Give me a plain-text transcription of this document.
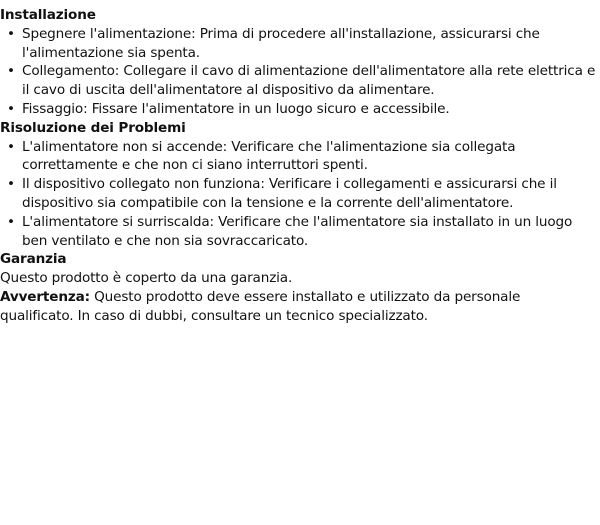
Installazione
• Spegnere l'alimentazione: Prima di procedere all'installazione, assicurarsi che l'alimentazione sia spenta.
• Collegamento: Collegare il cavo di alimentazione dell'alimentatore alla rete elettrica e il cavo di uscita dell'alimentatore al dispositivo da alimentare.
• Fissaggio: Fissare l'alimentatore in un luogo sicuro e accessibile.
Risoluzione dei Problemi
• L'alimentatore non si accende: Verificare che l'alimentazione sia collegata correttamente e che non ci siano interruttori spenti.
• Il dispositivo collegato non funziona: Verificare i collegamenti e assicurarsi che il dispositivo sia compatibile con la tensione e la corrente dell'alimentatore.
• L'alimentatore si surriscalda: Verificare che l'alimentatore sia installato in un luogo ben ventilato e che non sia sovraccaricato.
Garanzia

Questo prodotto è coperto da una garanzia.

Avvertenza: Questo prodotto deve essere installato e utilizzato da personale qualificato. In caso di dubbi, consultare un tecnico specializzato.
